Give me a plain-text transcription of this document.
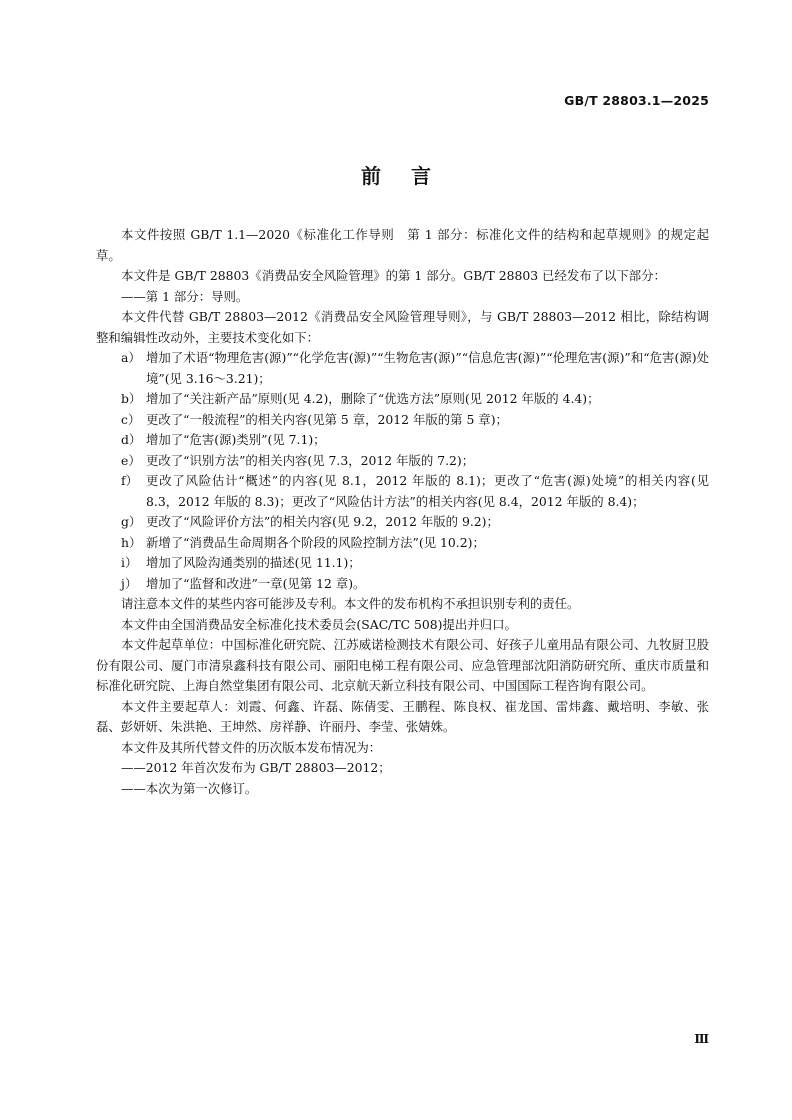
GB/T 28803.1—2025
前言

本文件按照 GB/T 1.1—2020《标准化工作导则　第 1 部分：标准化文件的结构和起草规则》的规定起草。

本文件是 GB/T 28803《消费品安全风险管理》的第 1 部分。GB/T 28803 已经发布了以下部分：

——第 1 部分：导则。

本文件代替 GB/T 28803—2012《消费品安全风险管理导则》，与 GB/T 28803—2012 相比，除结构调整和编辑性改动外，主要技术变化如下：

a） 增加了术语“物理危害(源)”“化学危害(源)”“生物危害(源)”“信息危害(源)”“伦理危害(源)”和“危害(源)处境”(见 3.16～3.21)；

b） 增加了“关注新产品”原则(见 4.2)，删除了“优选方法”原则(见 2012 年版的 4.4)；

c） 更改了“一般流程”的相关内容(见第 5 章，2012 年版的第 5 章)；

d） 增加了“危害(源)类别”(见 7.1)；

e） 更改了“识别方法”的相关内容(见 7.3，2012 年版的 7.2)；

f） 更改了风险估计“概述”的内容(见 8.1，2012 年版的 8.1)；更改了“危害(源)处境”的相关内容(见 8.3，2012 年版的 8.3)；更改了“风险估计方法”的相关内容(见 8.4，2012 年版的 8.4)；

g） 更改了“风险评价方法”的相关内容(见 9.2，2012 年版的 9.2)；

h） 新增了“消费品生命周期各个阶段的风险控制方法”(见 10.2)；

i） 增加了风险沟通类别的描述(见 11.1)；

j） 增加了“监督和改进”一章(见第 12 章)。

请注意本文件的某些内容可能涉及专利。本文件的发布机构不承担识别专利的责任。

本文件由全国消费品安全标准化技术委员会(SAC/TC 508)提出并归口。

本文件起草单位：中国标准化研究院、江苏威诺检测技术有限公司、好孩子儿童用品有限公司、九牧厨卫股份有限公司、厦门市清泉鑫科技有限公司、丽阳电梯工程有限公司、应急管理部沈阳消防研究所、重庆市质量和标准化研究院、上海自然堂集团有限公司、北京航天新立科技有限公司、中国国际工程咨询有限公司。

本文件主要起草人：刘霞、何鑫、许磊、陈倩雯、王鹏程、陈良权、崔龙国、雷炜鑫、戴培明、李敏、张磊、彭妍妍、朱洪艳、王坤然、房祥静、许丽丹、李莹、张婧姝。

本文件及其所代替文件的历次版本发布情况为：

——2012 年首次发布为 GB/T 28803—2012；

——本次为第一次修订。

Ⅲ
